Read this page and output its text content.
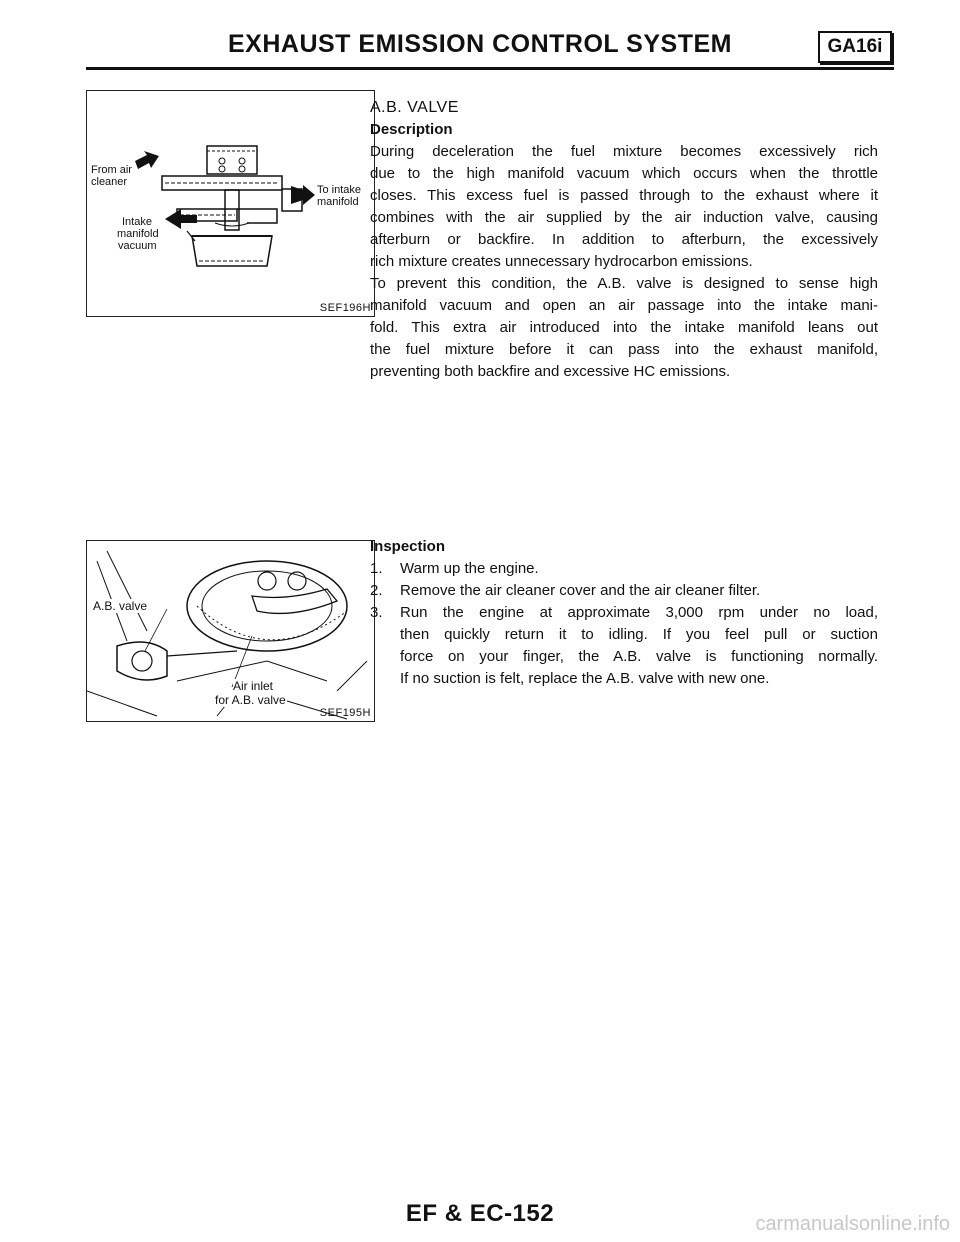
EXHAUST EMISSION CONTROL SYSTEM	GA16i
From air
cleaner
To intake
manifold
Intake
manifold
vacuum
SEF196H
A.B. valve
Air inlet
for A.B. valve
SEF195H
A.B. VALVE
Description
During deceleration the fuel mixture becomes excessively rich
due to the high manifold vacuum which occurs when the throttle
closes. This excess fuel is passed through to the exhaust where it
combines with the air supplied by the air induction valve, causing
afterburn or backfire. In addition to afterburn, the excessively
rich mixture creates unnecessary hydrocarbon emissions.
To prevent this condition, the A.B. valve is designed to sense high
manifold vacuum and open an air passage into the intake mani-
fold. This extra air introduced into the intake manifold leans out
the fuel mixture before it can pass into the exhaust manifold,
preventing both backfire and excessive HC emissions.
Inspection
1.	Warm up the engine.
2.	Remove the air cleaner cover and the air cleaner filter.
3.	Run the engine at approximate 3,000 rpm under no load,
then quickly return it to idling. If you feel pull or suction
force on your finger, the A.B. valve is functioning normally.
If no suction is felt, replace the A.B. valve with new one.
EF & EC-152	carmanualsonline.info
